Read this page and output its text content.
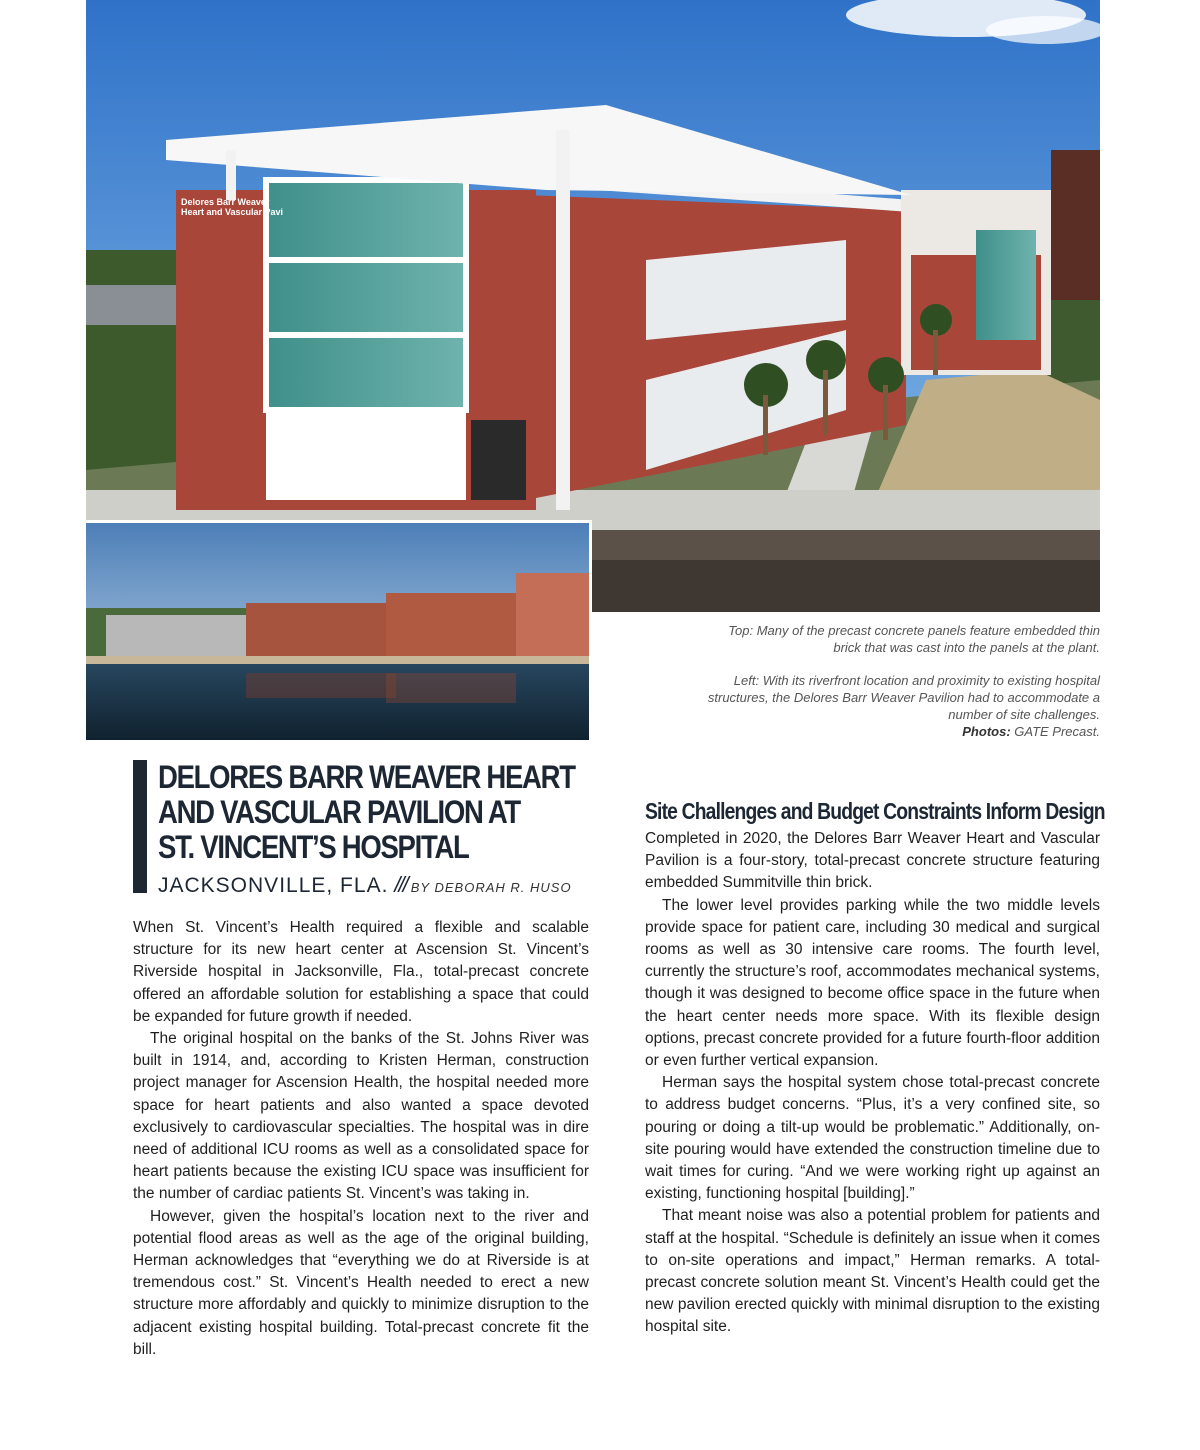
Delores Barr Weaver
Heart and Vascular Pavi

Top: Many of the precast concrete panels feature embedded thin brick that was cast into the panels at the plant.

Left: With its riverfront location and proximity to existing hospital structures, the Delores Barr Weaver Pavilion had to accommodate a number of site challenges.

Photos: GATE Precast.

DELORES BARR WEAVER HEART
AND VASCULAR PAVILION AT
ST. VINCENT’S HOSPITAL
JACKSONVILLE, FLA. /// BY DEBORAH R. HUSO

When St. Vincent’s Health required a flexible and scalable structure for its new heart center at Ascension St. Vincent’s Riverside hospital in Jacksonville, Fla., total-precast concrete offered an affordable solution for establishing a space that could be expanded for future growth if needed.

The original hospital on the banks of the St. Johns River was built in 1914, and, according to Kristen Herman, construction project manager for Ascension Health, the hospital needed more space for heart patients and also wanted a space devoted exclusively to cardiovascular specialties. The hospital was in dire need of additional ICU rooms as well as a consolidated space for heart patients because the existing ICU space was insufficient for the number of cardiac patients St. Vincent’s was taking in.

However, given the hospital’s location next to the river and potential flood areas as well as the age of the original building, Herman acknowledges that “everything we do at Riverside is at tremendous cost.” St. Vincent’s Health needed to erect a new structure more affordably and quickly to minimize disruption to the adjacent existing hospital building. Total-precast concrete fit the bill.

Site Challenges and Budget Constraints Inform Design

Completed in 2020, the Delores Barr Weaver Heart and Vascular Pavilion is a four-story, total-precast concrete structure featuring embedded Summitville thin brick.

The lower level provides parking while the two middle levels provide space for patient care, including 30 medical and surgical rooms as well as 30 intensive care rooms. The fourth level, currently the structure’s roof, accommodates mechanical systems, though it was designed to become office space in the future when the heart center needs more space. With its flexible design options, precast concrete provided for a future fourth-floor addition or even further vertical expansion.

Herman says the hospital system chose total-precast concrete to address budget concerns. “Plus, it’s a very confined site, so pouring or doing a tilt-up would be problematic.” Additionally, on-site pouring would have extended the construction timeline due to wait times for curing. “And we were working right up against an existing, functioning hospital [building].”

That meant noise was also a potential problem for patients and staff at the hospital. “Schedule is definitely an issue when it comes to on-site operations and impact,” Herman remarks. A total-precast concrete solution meant St. Vincent’s Health could get the new pavilion erected quickly with minimal disruption to the existing hospital site.
